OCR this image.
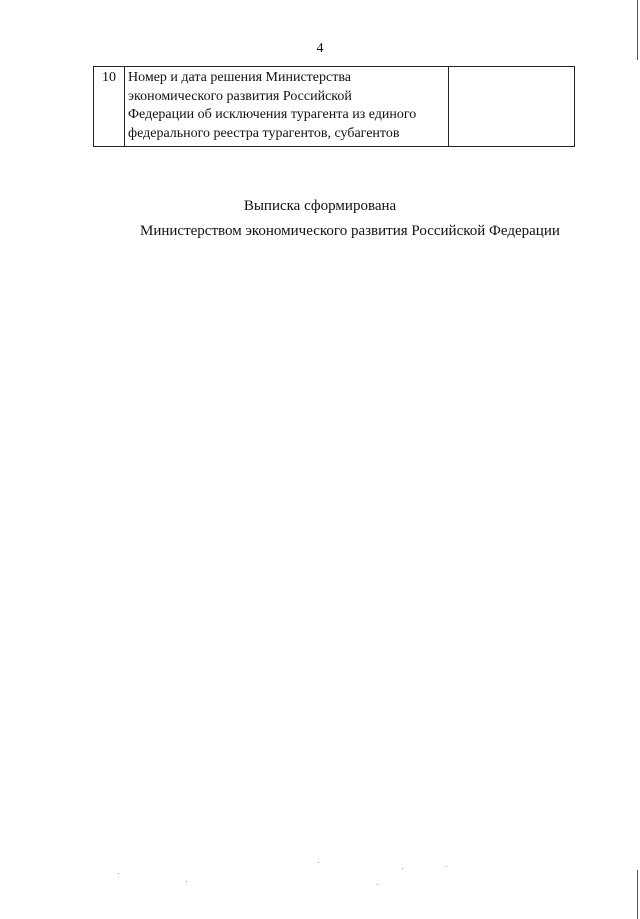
4
10	Номер и дата решения Министерства
экономического развития Российской
Федерации об исключения турагента из единого
федерального реестра турагентов, субагентов

Выписка сформирована
Министерством экономического развития Российской Федерации
